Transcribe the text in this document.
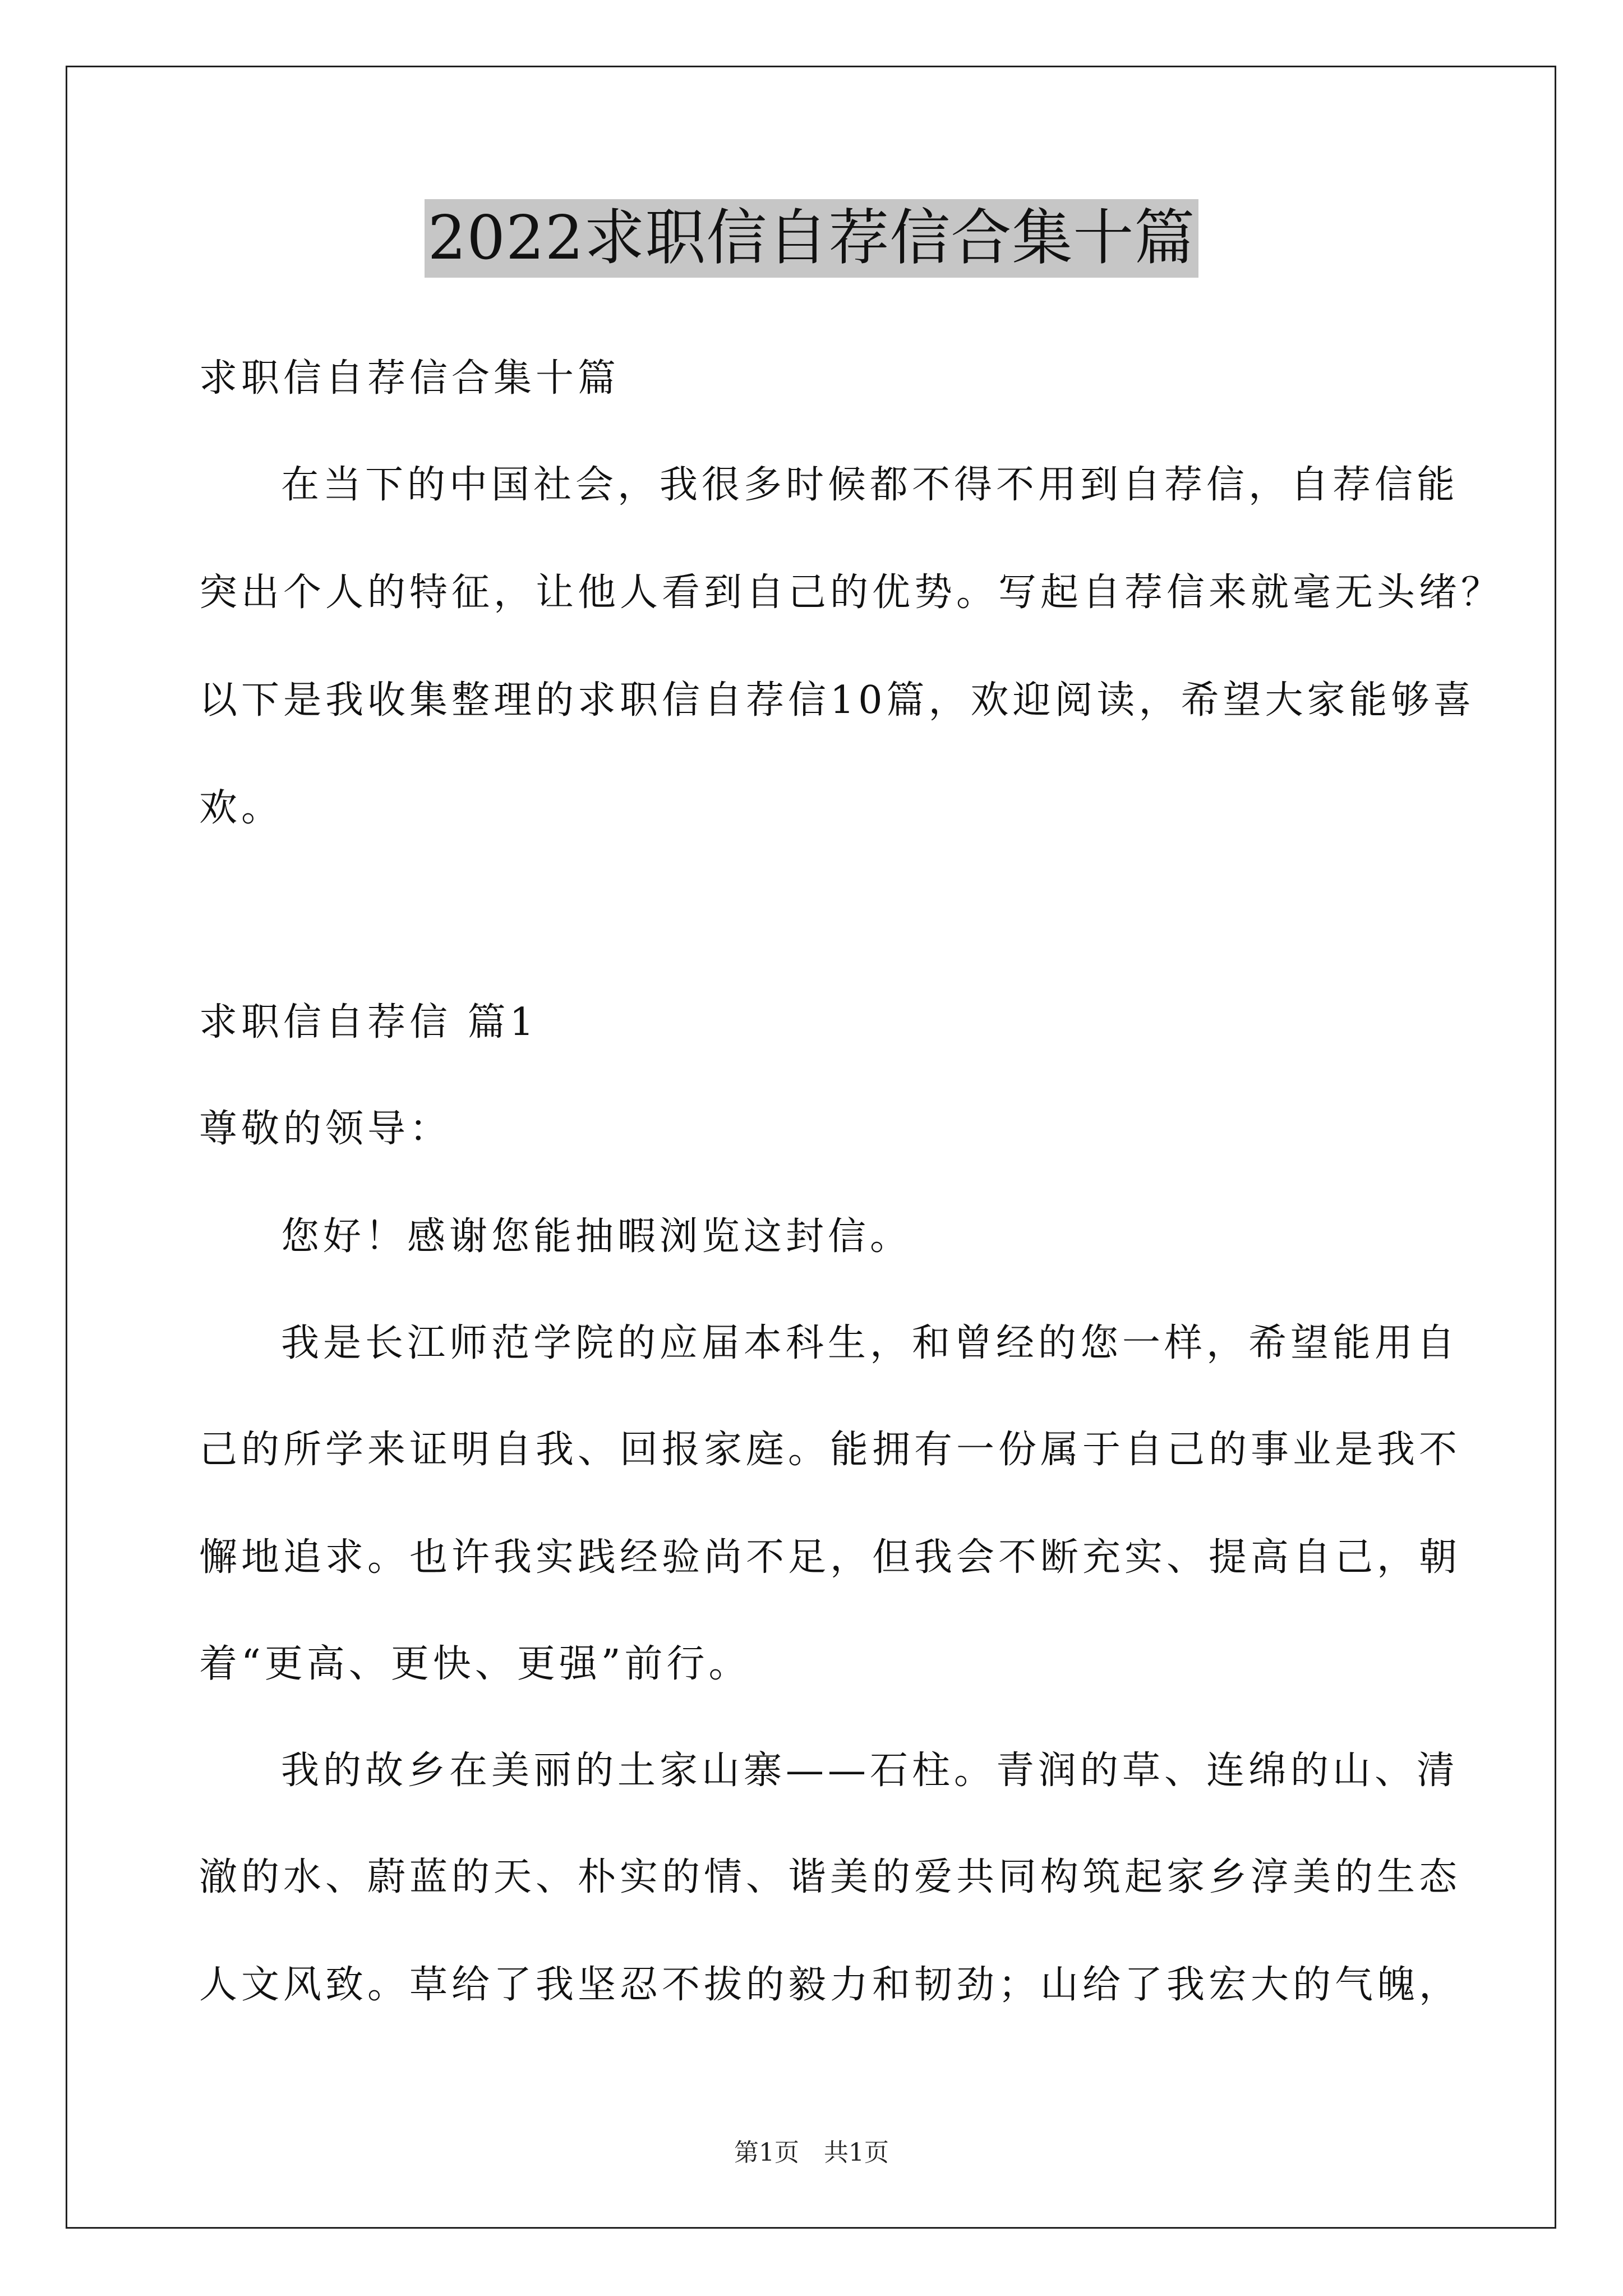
2022求职信自荐信合集十篇
求职信自荐信合集十篇
在当下的中国社会，我很多时候都不得不用到自荐信，自荐信能
突出个人的特征，让他人看到自己的优势。写起自荐信来就毫无头绪？
以下是我收集整理的求职信自荐信10篇，欢迎阅读，希望大家能够喜
欢。
求职信自荐信 篇1
尊敬的领导：
您好！感谢您能抽暇浏览这封信。
我是长江师范学院的应届本科生，和曾经的您一样，希望能用自
己的所学来证明自我、回报家庭。能拥有一份属于自己的事业是我不
懈地追求。也许我实践经验尚不足，但我会不断充实、提高自己，朝
着“更高、更快、更强”前行。
我的故乡在美丽的土家山寨——石柱。青润的草、连绵的山、清
澈的水、蔚蓝的天、朴实的情、谐美的爱共同构筑起家乡淳美的生态
人文风致。草给了我坚忍不拔的毅力和韧劲；山给了我宏大的气魄，
第1页　共1页
